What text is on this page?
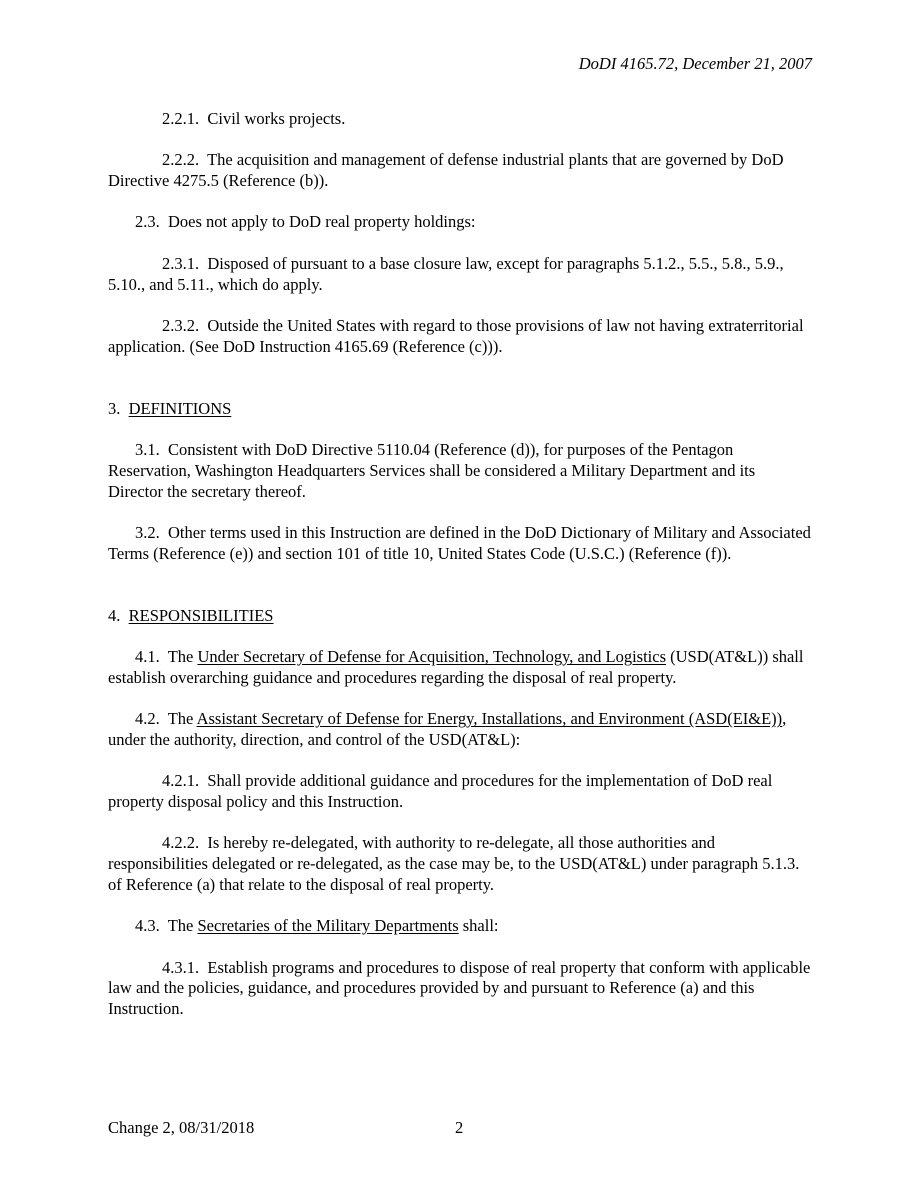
DoDI 4165.72, December 21, 2007

2.2.1. Civil works projects.

2.2.2. The acquisition and management of defense industrial plants that are governed by DoD Directive 4275.5 (Reference (b)).

2.3. Does not apply to DoD real property holdings:

2.3.1. Disposed of pursuant to a base closure law, except for paragraphs 5.1.2., 5.5., 5.8., 5.9., 5.10., and 5.11., which do apply.

2.3.2. Outside the United States with regard to those provisions of law not having extraterritorial application. (See DoD Instruction 4165.69 (Reference (c))).

3. DEFINITIONS

3.1. Consistent with DoD Directive 5110.04 (Reference (d)), for purposes of the Pentagon Reservation, Washington Headquarters Services shall be considered a Military Department and its Director the secretary thereof.

3.2. Other terms used in this Instruction are defined in the DoD Dictionary of Military and Associated Terms (Reference (e)) and section 101 of title 10, United States Code (U.S.C.) (Reference (f)).

4. RESPONSIBILITIES

4.1. The Under Secretary of Defense for Acquisition, Technology, and Logistics (USD(AT&L)) shall establish overarching guidance and procedures regarding the disposal of real property.

4.2. The Assistant Secretary of Defense for Energy, Installations, and Environment (ASD(EI&E)), under the authority, direction, and control of the USD(AT&L):

4.2.1. Shall provide additional guidance and procedures for the implementation of DoD real property disposal policy and this Instruction.

4.2.2. Is hereby re-delegated, with authority to re-delegate, all those authorities and responsibilities delegated or re-delegated, as the case may be, to the USD(AT&L) under paragraph 5.1.3. of Reference (a) that relate to the disposal of real property.

4.3. The Secretaries of the Military Departments shall:

4.3.1. Establish programs and procedures to dispose of real property that conform with applicable law and the policies, guidance, and procedures provided by and pursuant to Reference (a) and this Instruction.

Change 2, 08/31/2018	2
